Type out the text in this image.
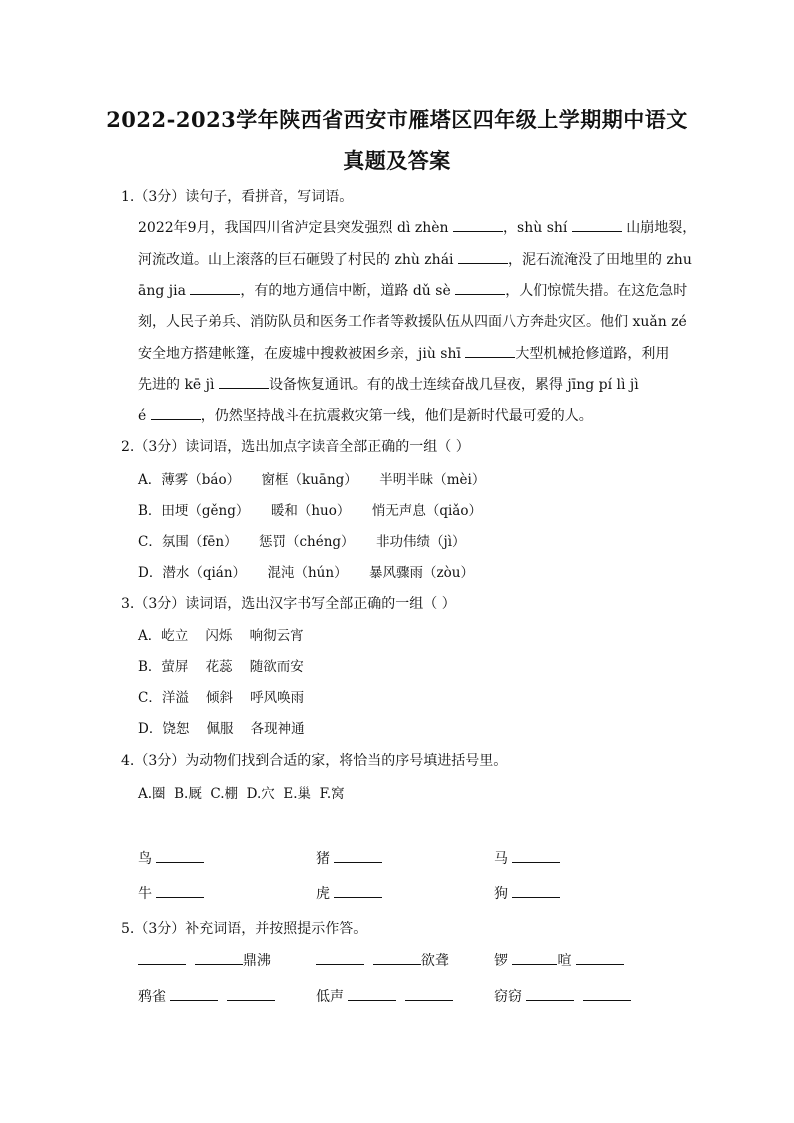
2022-2023学年陕西省西安市雁塔区四年级上学期期中语文
真题及答案
1.（3分）读句子，看拼音，写词语。
2022年9月，我国四川省泸定县突发强烈 dì zhèn	，shù shí	山崩地裂，
河流改道。山上滚落的巨石砸毁了村民的 zhù zhái	，泥石流淹没了田地里的 zhu
āng jia	，有的地方通信中断，道路 dǔ sè	，人们惊慌失措。在这危急时
刻，人民子弟兵、消防队员和医务工作者等救援队伍从四面八方奔赴灾区。他们 xuǎn zé
安全地方搭建帐篷，在废墟中搜救被困乡亲，jiù shī	大型机械抢修道路，利用
先进的 kē jì	设备恢复通讯。有的战士连续奋战几昼夜，累得 jīng pí lì jì
é	，仍然坚持战斗在抗震救灾第一线，他们是新时代最可爱的人。
2.（3分）读词语，选出加点字读音全部正确的一组（ ）
A．薄雾（báo）     窗框（kuāng）     半明半昧（mèi）
B．田埂（gěng）     暖和（huo）     悄无声息（qiǎo）
C．氛围（fēn）     惩罚（chéng）     非功伟绩（jì）
D．潜水（qián）     混沌（hún）     暴风骤雨（zòu）
3.（3分）读词语，选出汉字书写全部正确的一组（ ）
A．屹立    闪烁    响彻云宵
B．萤屏    花蕊    随欲而安
C．洋溢    倾斜    呼风唤雨
D．饶恕    佩服    各现神通
4.（3分）为动物们找到合适的家，将恰当的序号填进括号里。
A.圈  B.厩  C.棚  D.穴  E.巢  F.窝
鸟	猪	马
牛	虎	狗
5.（3分）补充词语，并按照提示作答。
鼎沸	欲聋	锣	喧
鸦雀	低声	窃窃
